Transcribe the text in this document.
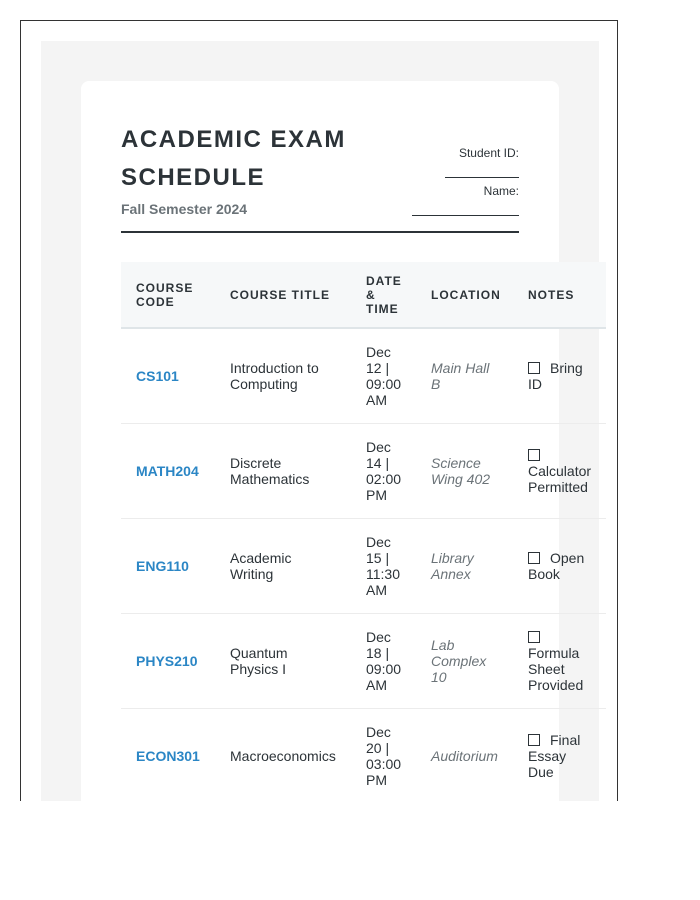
ACADEMIC EXAM SCHEDULE
Fall Semester 2024
Student ID:
Name:
COURSE CODE	COURSE TITLE	DATE & TIME	LOCATION	NOTES
CS101	Introduction to Computing	Dec 12 | 09:00 AM	Main Hall B	Bring ID
MATH204	Discrete Mathematics	Dec 14 | 02:00 PM	Science Wing 402	Calculator Permitted
ENG110	Academic Writing	Dec 15 | 11:30 AM	Library Annex	Open Book
PHYS210	Quantum Physics I	Dec 18 | 09:00 AM	Lab Complex 10	Formula Sheet Provided
ECON301	Macroeconomics	Dec 20 | 03:00 PM	Auditorium	Final Essay Due
